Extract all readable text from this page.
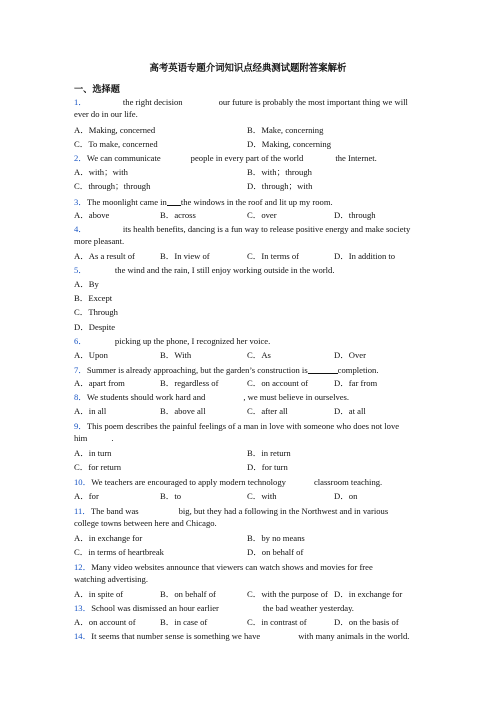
高考英语专题介词知识点经典测试题附答案解析
一、选择题
1．	the right decision	our future is probably the most important thing we will
ever do in our life.
A．Making, concerned	B．Make, concerning
C．To make, concerned	D．Making, concerning
2．We can communicate	people in every part of the world	the Internet.
A．with；with	B．with；through
C．through；through	D．through；with
3．The moonlight came in the windows in the roof and lit up my room.
A．above	B．across	C．over	D．through
4．	its health benefits, dancing is a fun way to release positive energy and make society
more pleasant.
A．As a result of	B．In view of	C．In terms of	D．In addition to
5．	the wind and the rain, I still enjoy working outside in the world.
A．By
B．Except
C．Through
D．Despite
6．	picking up the phone, I recognized her voice.
A．Upon	B．With	C．As	D．Over
7．Summer is already approaching, but the garden’s construction is	completion.
A．apart from	B．regardless of	C．on account of	D．far from
8．We students should work hard and	, we must believe in ourselves.
A．in all	B．above all	C．after all	D．at all
9．This poem describes the painful feelings of a man in love with someone who does not love
him	.
A．in turn	B．in return
C．for return	D．for turn
10．We teachers are encouraged to apply modern technology	classroom teaching.
A．for	B．to	C．with	D．on
11．The band was	big, but they had a following in the Northwest and in various
college towns between here and Chicago.
A．in exchange for	B．by no means
C．in terms of heartbreak	D．on behalf of
12．Many video websites announce that viewers can watch shows and movies for free
watching advertising.
A．in spite of	B．on behalf of	C．with the purpose of D．in exchange for
13．School was dismissed an hour earlier	the bad weather yesterday.
A．on account of	B．in case of	C．in contrast of	D．on the basis of
14．It seems that number sense is something we have	with many animals in the world.
